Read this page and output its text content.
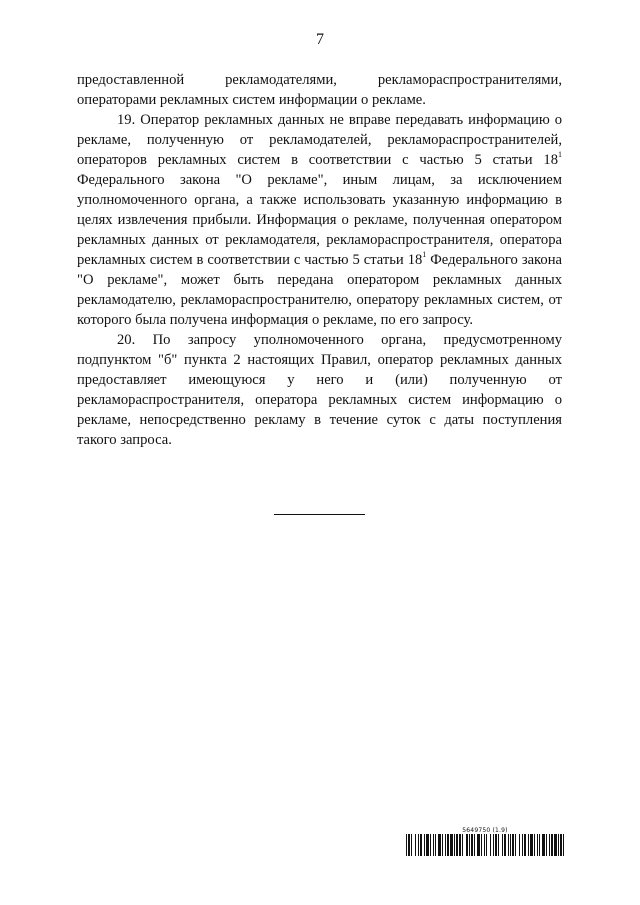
7

предоставленной рекламодателями, рекламораспространителями, операторами рекламных систем информации о рекламе.

19. Оператор рекламных данных не вправе передавать информацию о рекламе, полученную от рекламодателей, рекламораспространителей, операторов рекламных систем в соответствии с частью 5 статьи $18^1$ Федерального закона "О рекламе", иным лицам, за исключением уполномоченного органа, а также использовать указанную информацию в целях извлечения прибыли. Информация о рекламе, полученная оператором рекламных данных от рекламодателя, рекламораспространителя, оператора рекламных систем в соответствии с частью 5 статьи $18^1$ Федерального закона "О рекламе", может быть передана оператором рекламных данных рекламодателю, рекламораспространителю, оператору рекламных систем, от которого была получена информация о рекламе, по его запросу.

20. По запросу уполномоченного органа, предусмотренному подпунктом "б" пункта 2 настоящих Правил, оператор рекламных данных предоставляет имеющуюся у него и (или) полученную от рекламораспространителя, оператора рекламных систем информацию о рекламе, непосредственно рекламу в течение суток с даты поступления такого запроса.

5649750 (1.9)
